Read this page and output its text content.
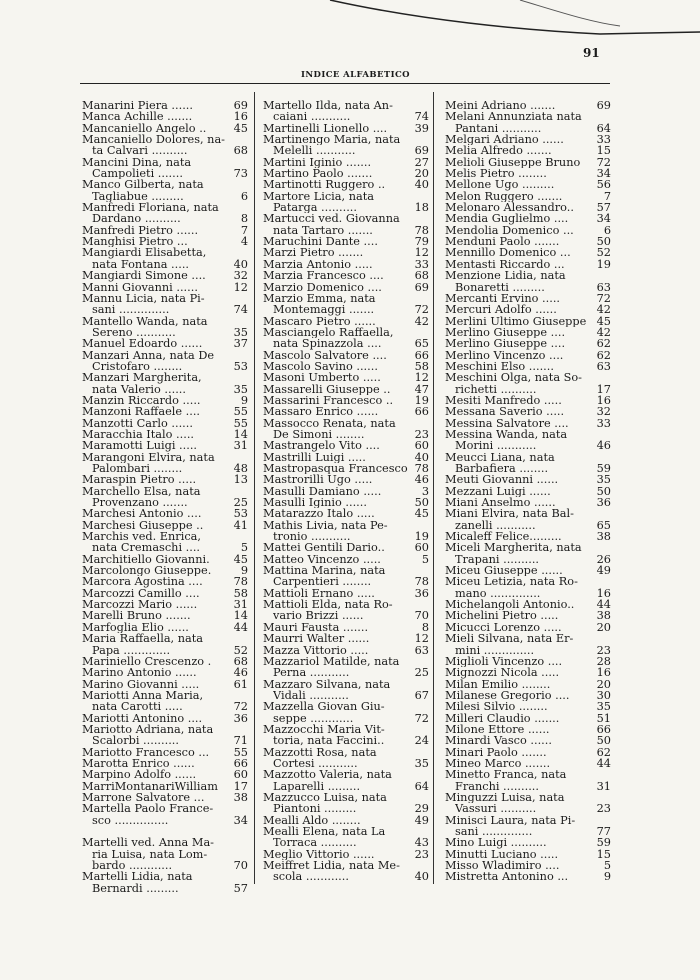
91
INDICE ALFABETICO
Manarini Piera ......	69
Manca Achille .......	16
Mancaniello Angelo ..	45
Mancaniello Dolores, na-
ta Calvari ..........	68
Mancini Dina, nata
Campolieti .......	73
Manco Gilberta, nata
Tagliabue .........	6
Manfredi Floriana, nata
Dardano ..........	8
Manfredi Pietro ......	7
Manghisi Pietro ...	4
Mangiardi Elisabetta,
nata Fontana .....	40
Mangiardi Simone ....	32
Manni Giovanni ......	12
Mannu Licia, nata Pi-
sani ..............	74
Mantello Wanda, nata
Sereno ...........	35
Manuel Edoardo ......	37
Manzari Anna, nata De
Cristofaro ........	53
Manzari Margherita,
nata Valerio ......	35
Manzin Riccardo .....	9
Manzoni Raffaele ....	55
Manzotti Carlo ......	55
Maracchia Italo .....	14
Maramotti Luigi .....	31
Marangoni Elvira, nata
Palombari ........	48
Maraspin Pietro .....	13
Marchello Elsa, nata
Provenzano .......	25
Marchesi Antonio ....	53
Marchesi Giuseppe ..	41
Marchis ved. Enrica,
nata Cremaschi ....	5
Marchitiello Giovanni.	45
Marcolongo Giuseppe.	9
Marcora Agostina ....	78
Marcozzi Camillo ....	58
Marcozzi Mario ......	31
Marelli Bruno .......	14
Marfoglia Elio ......	44
Maria Raffaella, nata
Papa .............	52
Mariniello Crescenzo .	68
Marino Antonio ......	46
Marino Giovanni .....	61
Mariotti Anna Maria,
nata Carotti .....	72
Mariotti Antonino ....	36
Mariotto Adriana, nata
Scalorbi ..........	71
Mariotto Francesco ...	55
Marotta Enrico ......	66
Marpino Adolfo ......	60
MarriMontanariWilliam	17
Marrone Salvatore ...	38
Martella Paolo France-
sco ...............	34
Martelli ved. Anna Ma-
ria Luisa, nata Lom-
bardo ............	70
Martelli Lidia, nata
Bernardi .........	57
Martello Ilda, nata An-
caiani ...........	74
Martinelli Lionello ....	39
Martinengo Maria, nata
Melelli ...........	69
Martini Iginio .......	27
Martino Paolo .......	20
Martinotti Ruggero ..	40
Martore Licia, nata
Patarga ..........	18
Martucci ved. Giovanna
nata Tartaro .......	78
Maruchini Dante ....	79
Marzi Pietro .......	12
Marzia Antonio .....	33
Marzia Francesco ....	68
Marzio Domenico ....	69
Marzio Emma, nata
Montemaggi .......	72
Mascaro Pietro ......	42
Masciangelo Raffaella,
nata Spinazzola ....	65
Mascolo Salvatore ....	66
Mascolo Savino ......	58
Masoni Umberto .....	12
Massarelli Giuseppe ..	47
Massarini Francesco ..	19
Massaro Enrico ......	66
Massocco Renata, nata
De Simoni ........	23
Mastrangelo Vito ....	60
Mastrilli Luigi .....	40
Mastropasqua Francesco 78
Mastrorilli Ugo .....	46
Masulli Damiano .....	3
Masulli Iginio ......	50
Matarazzo Italo .....	45
Mathis Livia, nata Pe-
tronio ...........	19
Mattei Gentili Dario..	60
Matteo Vincenzo .....	5
Mattina Marina, nata
Carpentieri ........	78
Mattioli Ernano .....	36
Mattioli Elda, nata Ro-
vario Brizzi ......	70
Mauri Fausta .......	8
Maurri Walter ......	12
Mazza Vittorio .....	63
Mazzariol Matilde, nata
Perna ...........	25
Mazzaro Silvana, nata
Vidali ...........	67
Mazzella Giovan Giu-
seppe ............	72
Mazzocchi Maria Vit-
toria, nata Faccini..	24
Mazzotti Rosa, nata
Cortesi ...........	35
Mazzotto Valeria, nata
Laparelli .........	64
Mazzucco Luisa, nata
Piantoni .........	29
Mealli Aldo ........	49
Mealli Elena, nata La
Torraca ..........	43
Meglio Vittorio ......	23
Meiffret Lidia, nata Me-
scola ............	40
Meini Adriano .......	69
Melani Annunziata nata
Pantani ...........	64
Melgari Adriano ......	33
Melia Alfredo .......	15
Melioli Giuseppe Bruno	72
Melis Pietro ........	34
Mellone Ugo .........	56
Melon Ruggero .......	7
Melonaro Alessandro..	57
Mendia Guglielmo ....	34
Mendolia Domenico ...	6
Menduni Paolo .......	50
Mennillo Domenico ...	52
Mentasti Riccardo ...	19
Menzione Lidia, nata
Bonaretti .........	63
Mercanti Ervino .....	72
Mercuri Adolfo ......	42
Merlini Ultimo Giuseppe 45
Merlino Giuseppe ....	42
Merlino Giuseppe ....	62
Merlino Vincenzo ....	62
Meschini Elso .......	63
Meschini Olga, nata So-
richetti ..........	17
Mesiti Manfredo .....	16
Messana Saverio .....	32
Messina Salvatore ....	33
Messina Wanda, nata
Morini ...........	46
Meucci Liana, nata
Barbafiera ........	59
Meuti Giovanni ......	35
Mezzani Luigi ......	50
Miani Anselmo ......	36
Miani Elvira, nata Bal-
zanelli ...........	65
Micaleff Felice.........	38
Miceli Margherita, nata
Trapani ..........	26
Miceu Giuseppe ......	49
Miceu Letizia, nata Ro-
mano ..............	16
Michelangoli Antonio..	44
Michelini Pietro .....	38
Micucci Lorenzo .....	20
Mieli Silvana, nata Er-
mini ..............	23
Miglioli Vincenzo ....	28
Mignozzi Nicola .....	16
Milan Emilio ........	20
Milanese Gregorio ....	30
Milesi Silvio ........	35
Milleri Claudio .......	51
Milone Ettore ......	66
Minardi Vasco ......	50
Minari Paolo .......	62
Mineo Marco .......	44
Minetto Franca, nata
Franchi ..........	31
Minguzzi Luisa, nata
Vassuri ..........	23
Minisci Laura, nata Pi-
sani ..............	77
Mino Luigi ..........	59
Minutti Luciano .....	15
Misso Wladimiro ....	5
Mistretta Antonino ...	9
